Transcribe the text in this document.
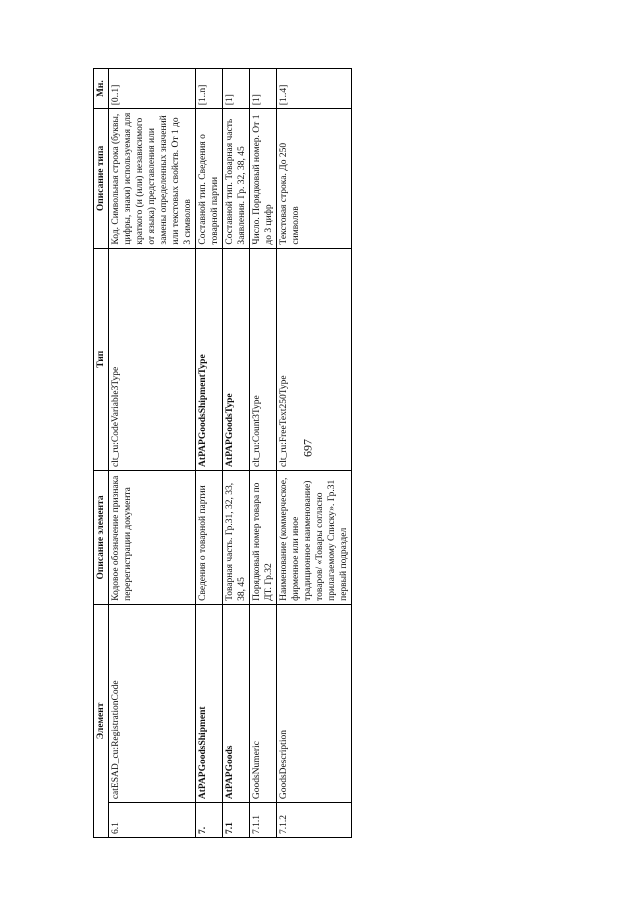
697
Элемент		Описание элемента	Тип	Описание типа	Мн.
6.1	catESAD_cu:RegistrationCode	Кодовое обозначение признака перерегистрации документа	clt_ru:CodeVariable3Type	Код. Символьная строка (буквы, цифры, знаки) используемая для краткого (и (или) независимого от языка) представления или замены определенных значений или текстовых свойств. От 1 до 3 символов	[0..1]
7.	AtPAPGoodsShipment	Сведения о товарной партии	AtPAPGoodsShipmentType	Составной тип. Сведения о товарной партии	[1..n]
7.1	AtPAPGoods	Товарная часть. Гр.31, 32, 33, 38, 45	AtPAPGoodsType	Составной тип. Товарная часть Заявления. Гр. 32, 38, 45	[1]
7.1.1	GoodsNumeric	Порядковый номер товара по ДТ. Гр.32	clt_ru:Count3Type	Число. Порядковый номер. От 1 до 3 цифр	[1]
7.1.2	GoodsDescription	Наименование (коммерческое, фирменное или иное традиционное наименование) товаров/ «Товары согласно прилагаемому Списку». Гр.31 первый подраздел	clt_ru:FreeText250Type	Текстовая строка. До 250 символов	[1..4]
